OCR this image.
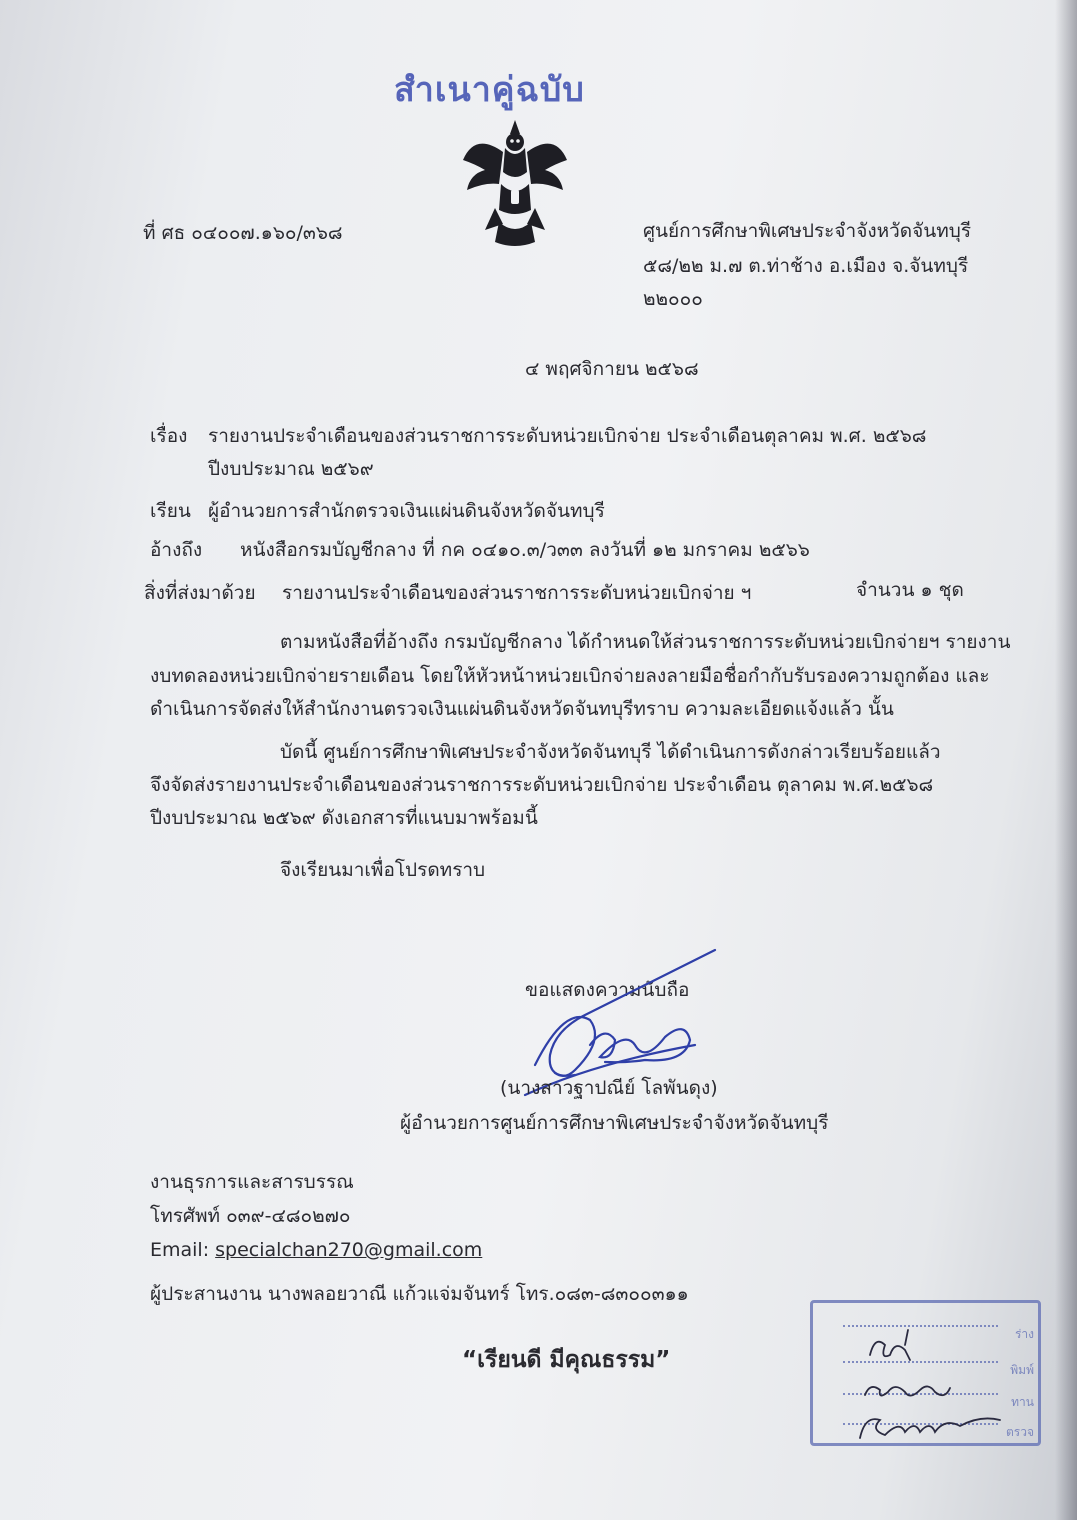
สำเนาคู่ฉบับ
ที่ ศธ ๐๔๐๐๗.๑๖๐/๓๖๘	ศูนย์การศึกษาพิเศษประจำจังหวัดจันทบุรี
๕๘/๒๒ ม.๗ ต.ท่าช้าง อ.เมือง จ.จันทบุรี
๒๒๐๐๐
๔ พฤศจิกายน ๒๕๖๘
เรื่อง รายงานประจำเดือนของส่วนราชการระดับหน่วยเบิกจ่าย ประจำเดือนตุลาคม พ.ศ. ๒๕๖๘
ปีงบประมาณ ๒๕๖๙
เรียน ผู้อำนวยการสำนักตรวจเงินแผ่นดินจังหวัดจันทบุรี
อ้างถึง หนังสือกรมบัญชีกลาง ที่ กค ๐๔๑๐.๓/ว๓๓ ลงวันที่ ๑๒ มกราคม ๒๕๖๖
สิ่งที่ส่งมาด้วย รายงานประจำเดือนของส่วนราชการระดับหน่วยเบิกจ่าย ฯ	จำนวน ๑ ชุด
ตามหนังสือที่อ้างถึง กรมบัญชีกลาง ได้กำหนดให้ส่วนราชการระดับหน่วยเบิกจ่ายฯ รายงาน
งบทดลองหน่วยเบิกจ่ายรายเดือน โดยให้หัวหน้าหน่วยเบิกจ่ายลงลายมือชื่อกำกับรับรองความถูกต้อง และ
ดำเนินการจัดส่งให้สำนักงานตรวจเงินแผ่นดินจังหวัดจันทบุรีทราบ ความละเอียดแจ้งแล้ว นั้น
บัดนี้ ศูนย์การศึกษาพิเศษประจำจังหวัดจันทบุรี ได้ดำเนินการดังกล่าวเรียบร้อยแล้ว
จึงจัดส่งรายงานประจำเดือนของส่วนราชการระดับหน่วยเบิกจ่าย ประจำเดือน ตุลาคม พ.ศ.๒๕๖๘
ปีงบประมาณ ๒๕๖๙ ดังเอกสารที่แนบมาพร้อมนี้
จึงเรียนมาเพื่อโปรดทราบ
ขอแสดงความนับถือ
(นางสาวฐาปณีย์ โลพันดุง)
ผู้อำนวยการศูนย์การศึกษาพิเศษประจำจังหวัดจันทบุรี
งานธุรการและสารบรรณ
โทรศัพท์ ๐๓๙-๔๘๐๒๗๐
Email: specialchan270@gmail.com
ผู้ประสานงาน นางพลอยวาณี แก้วแจ่มจันทร์ โทร.๐๘๓-๘๓๐๐๓๑๑
“เรียนดี มีคุณธรรม”
ร่าง
พิมพ์
ทาน
ตรวจ
